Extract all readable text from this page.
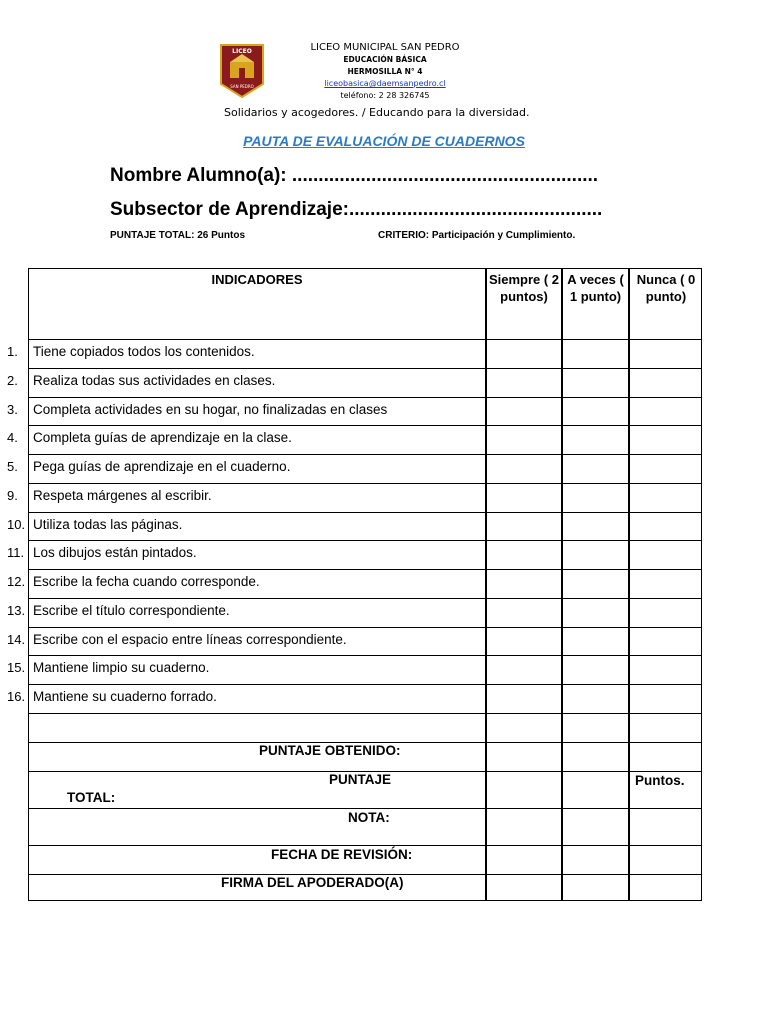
LICEO
SAN PEDRO
LICEO MUNICIPAL SAN PEDRO
EDUCACIÓN BÁSICA
HERMOSILLA N° 4
liceobasica@daemsanpedro.cl
teléfono: 2 28 326745
Solidarios y acogedores. / Educando para la diversidad.
PAUTA DE EVALUACIÓN DE CUADERNOS
Nombre Alumno(a): ..........................................................
Subsector de Aprendizaje:................................................
PUNTAJE TOTAL: 26 Puntos	CRITERIO: Participación y Cumplimiento.
INDICADORES	Siempre ( 2 puntos)
A veces ( 1 punto)
Nunca ( 0 punto)
1. Tiene copiados todos los contenidos.
2. Realiza todas sus actividades en clases.
3. Completa actividades en su hogar, no finalizadas en clases
4. Completa guías de aprendizaje en la clase.
5. Pega guías de aprendizaje en el cuaderno.
9. Respeta márgenes al escribir.
10. Utiliza todas las páginas.
11. Los dibujos están pintados.
12. Escribe la fecha cuando corresponde.
13. Escribe el título correspondiente.
14. Escribe con el espacio entre líneas correspondiente.
15. Mantiene limpio su cuaderno.
16. Mantiene su cuaderno forrado.
PUNTAJE OBTENIDO:
PUNTAJE
TOTAL:
Puntos.
NOTA:
FECHA DE REVISIÓN:
FIRMA DEL APODERADO(A)
